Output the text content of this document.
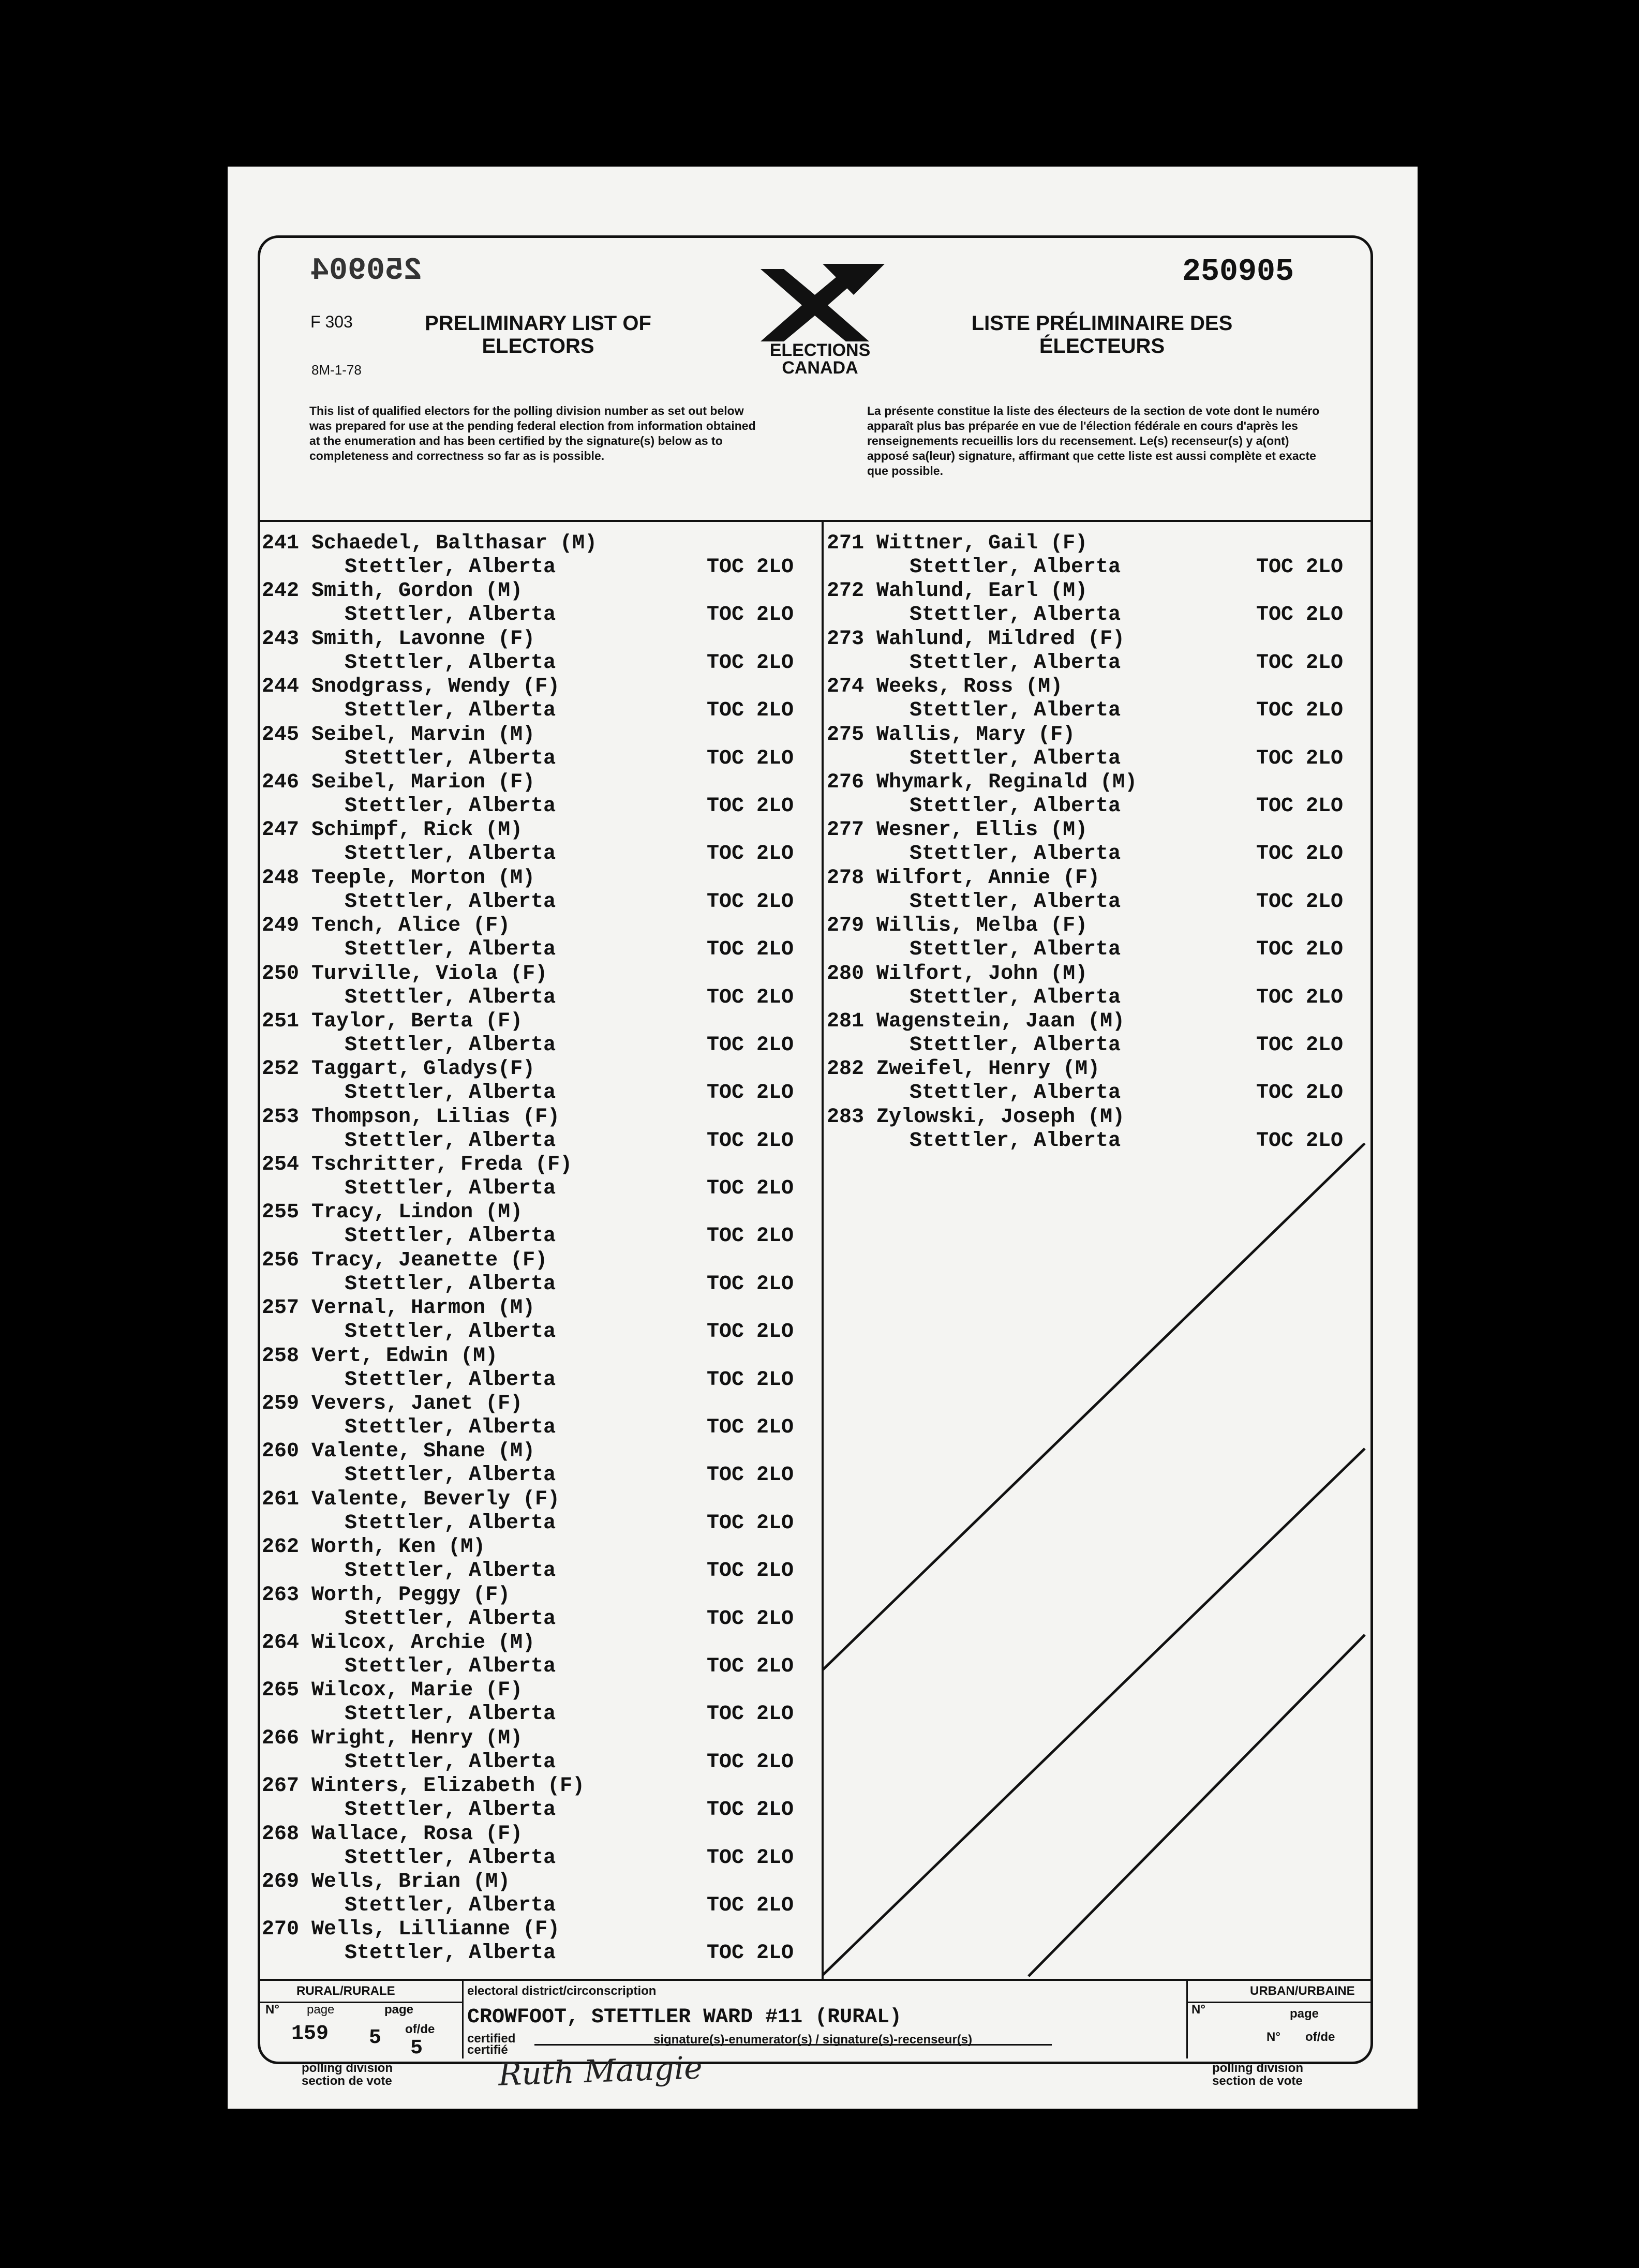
250904	250905
F 303
8M-1-78
PRELIMINARY LIST OF
ELECTORS
LISTE PRÉLIMINAIRE DES
ÉLECTEURS
ELECTIONS
CANADA
This list of qualified electors for the polling division number as set out below was prepared for use at the pending federal election from information obtained at the enumeration and has been certified by the signature(s) below as to completeness and correctness so far as is possible.
La présente constitue la liste des électeurs de la section de vote dont le numéro apparaît plus bas préparée en vue de l'élection fédérale en cours d'après les renseignements recueillis lors du recensement. Le(s) recenseur(s) y a(ont) apposé sa(leur) signature, affirmant que cette liste est aussi complète et exacte que possible.
241 Schaedel, Balthasar (M)
Stettler, Alberta	TOC 2LO
242 Smith, Gordon (M)
Stettler, Alberta	TOC 2LO
243 Smith, Lavonne (F)
Stettler, Alberta	TOC 2LO
244 Snodgrass, Wendy (F)
Stettler, Alberta	TOC 2LO
245 Seibel, Marvin (M)
Stettler, Alberta	TOC 2LO
246 Seibel, Marion (F)
Stettler, Alberta	TOC 2LO
247 Schimpf, Rick (M)
Stettler, Alberta	TOC 2LO
248 Teeple, Morton (M)
Stettler, Alberta	TOC 2LO
249 Tench, Alice (F)
Stettler, Alberta	TOC 2LO
250 Turville, Viola (F)
Stettler, Alberta	TOC 2LO
251 Taylor, Berta (F)
Stettler, Alberta	TOC 2LO
252 Taggart, Gladys(F)
Stettler, Alberta	TOC 2LO
253 Thompson, Lilias (F)
Stettler, Alberta	TOC 2LO
254 Tschritter, Freda (F)
Stettler, Alberta	TOC 2LO
255 Tracy, Lindon (M)
Stettler, Alberta	TOC 2LO
256 Tracy, Jeanette (F)
Stettler, Alberta	TOC 2LO
257 Vernal, Harmon (M)
Stettler, Alberta	TOC 2LO
258 Vert, Edwin (M)
Stettler, Alberta	TOC 2LO
259 Vevers, Janet (F)
Stettler, Alberta	TOC 2LO
260 Valente, Shane (M)
Stettler, Alberta	TOC 2LO
261 Valente, Beverly (F)
Stettler, Alberta	TOC 2LO
262 Worth, Ken (M)
Stettler, Alberta	TOC 2LO
263 Worth, Peggy (F)
Stettler, Alberta	TOC 2LO
264 Wilcox, Archie (M)
Stettler, Alberta	TOC 2LO
265 Wilcox, Marie (F)
Stettler, Alberta	TOC 2LO
266 Wright, Henry (M)
Stettler, Alberta	TOC 2LO
267 Winters, Elizabeth (F)
Stettler, Alberta	TOC 2LO
268 Wallace, Rosa (F)
Stettler, Alberta	TOC 2LO
269 Wells, Brian (M)
Stettler, Alberta	TOC 2LO
270 Wells, Lillianne (F)
Stettler, Alberta	TOC 2LO
271 Wittner, Gail (F)
Stettler, Alberta	TOC 2LO
272 Wahlund, Earl (M)
Stettler, Alberta	TOC 2LO
273 Wahlund, Mildred (F)
Stettler, Alberta	TOC 2LO
274 Weeks, Ross (M)
Stettler, Alberta	TOC 2LO
275 Wallis, Mary (F)
Stettler, Alberta	TOC 2LO
276 Whymark, Reginald (M)
Stettler, Alberta	TOC 2LO
277 Wesner, Ellis (M)
Stettler, Alberta	TOC 2LO
278 Wilfort, Annie (F)
Stettler, Alberta	TOC 2LO
279 Willis, Melba (F)
Stettler, Alberta	TOC 2LO
280 Wilfort, John (M)
Stettler, Alberta	TOC 2LO
281 Wagenstein, Jaan (M)
Stettler, Alberta	TOC 2LO
282 Zweifel, Henry (M)
Stettler, Alberta	TOC 2LO
283 Zylowski, Joseph (M)
Stettler, Alberta	TOC 2LO
RURAL/RURALE
N° page
159
page
5 of/de
5
polling division
section de vote
electoral district/circonscription
CROWFOOT, STETTLER WARD #11 (RURAL)
certified
certifié
signature(s)-enumerator(s) / signature(s)-recenseur(s)
Ruth Maugie
URBAN/URBAINE
N°	page
N° of/de
polling division
section de vote
